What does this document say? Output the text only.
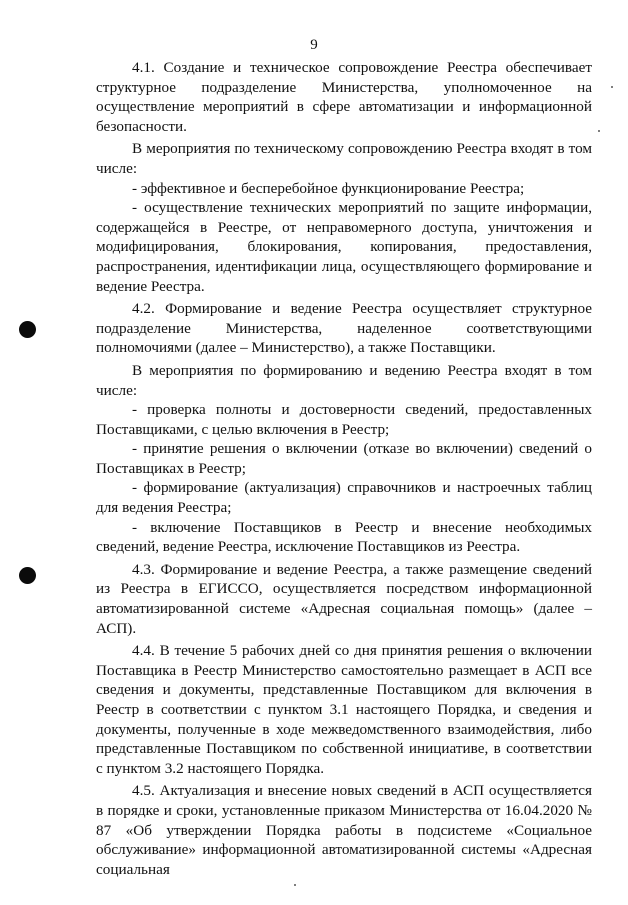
9

4.1. Создание и техническое сопровождение Реестра обеспечивает структурное подразделение Министерства, уполномоченное на осуществление мероприятий в сфере автоматизации и информационной безопасности.

В мероприятия по техническому сопровождению Реестра входят в том числе:

- эффективное и бесперебойное функционирование Реестра;

- осуществление технических мероприятий по защите информации, содержащейся в Реестре, от неправомерного доступа, уничтожения и модифицирования, блокирования, копирования, предоставления, распространения, идентификации лица, осуществляющего формирование и ведение Реестра.

4.2. Формирование и ведение Реестра осуществляет структурное подразделение Министерства, наделенное соответствующими полномочиями (далее – Министерство), а также Поставщики.

В мероприятия по формированию и ведению Реестра входят в том числе:

- проверка полноты и достоверности сведений, предоставленных Поставщиками, с целью включения в Реестр;

- принятие решения о включении (отказе во включении) сведений о Поставщиках в Реестр;

- формирование (актуализация) справочников и настроечных таблиц для ведения Реестра;

- включение Поставщиков в Реестр и внесение необходимых сведений, ведение Реестра, исключение Поставщиков из Реестра.

4.3. Формирование и ведение Реестра, а также размещение сведений из Реестра в ЕГИССО, осуществляется посредством информационной автоматизированной системе «Адресная социальная помощь» (далее – АСП).

4.4. В течение 5 рабочих дней со дня принятия решения о включении Поставщика в Реестр Министерство самостоятельно размещает в АСП все сведения и документы, представленные Поставщиком для включения в Реестр в соответствии с пунктом 3.1 настоящего Порядка, и сведения и документы, полученные в ходе межведомственного взаимодействия, либо представленные Поставщиком по собственной инициативе, в соответствии с пунктом 3.2 настоящего Порядка.

4.5. Актуализация и внесение новых сведений в АСП осуществляется в порядке и сроки, установленные приказом Министерства от 16.04.2020 № 87 «Об утверждении Порядка работы в подсистеме «Социальное обслуживание» информационной автоматизированной системы «Адресная социальная
